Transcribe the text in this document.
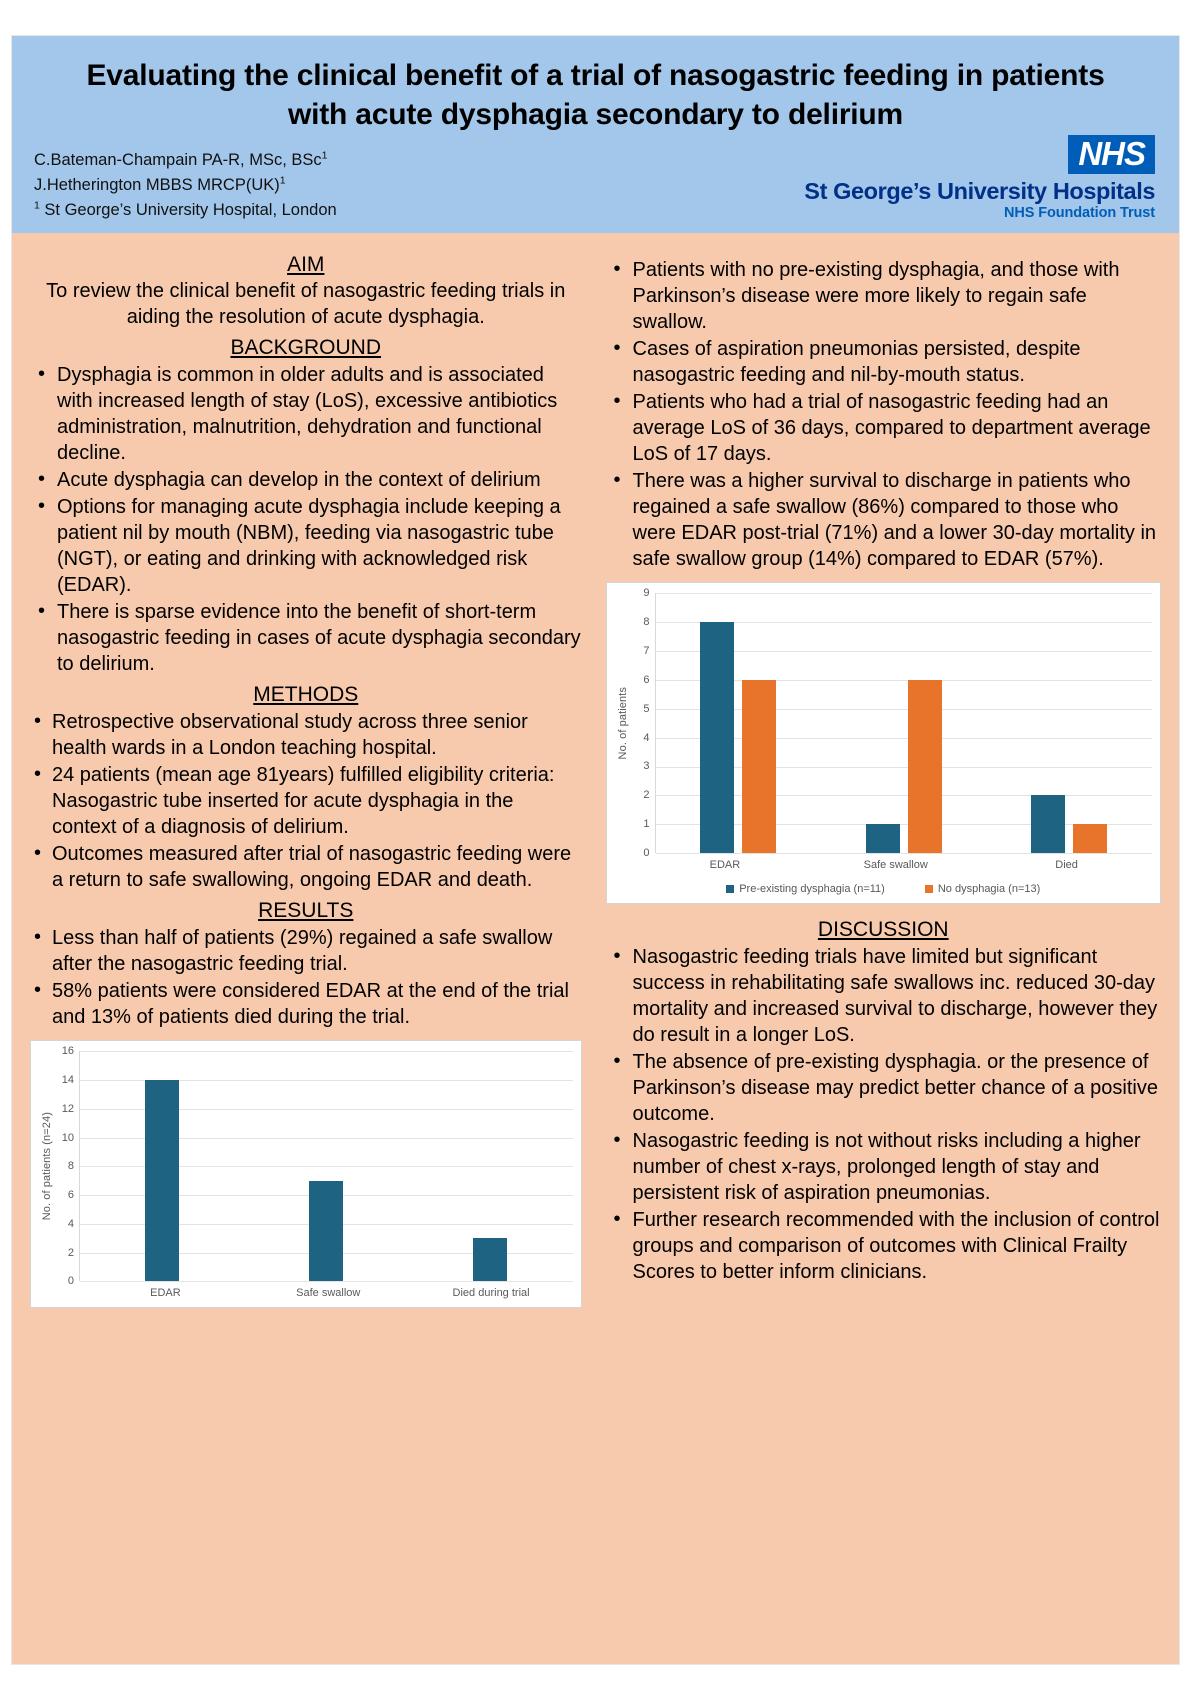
Evaluating the clinical benefit of a trial of nasogastric feeding in patients with acute dysphagia secondary to delirium
C.Bateman-Champain PA-R, MSc, BSc$^1$
J.Hetherington MBBS MRCP(UK)$^1$
$^1$ St George’s University Hospital, London
NHS
St George’s University Hospitals
NHS Foundation Trust
AIM
To review the clinical benefit of nasogastric feeding trials in aiding the resolution of acute dysphagia.
BACKGROUND
• Dysphagia is common in older adults and is associated with increased length of stay (LoS), excessive antibiotics administration, malnutrition, dehydration and functional decline.
• Acute dysphagia can develop in the context of delirium
• Options for managing acute dysphagia include keeping a patient nil by mouth (NBM), feeding via nasogastric tube (NGT), or eating and drinking with acknowledged risk (EDAR).
• There is sparse evidence into the benefit of short-term nasogastric feeding in cases of acute dysphagia secondary to delirium.
METHODS
• Retrospective observational study across three senior health wards in a London teaching hospital.
• 24 patients (mean age 81years) fulfilled eligibility criteria: Nasogastric tube inserted for acute dysphagia in the context of a diagnosis of delirium.
• Outcomes measured after trial of nasogastric feeding were a return to safe swallowing, ongoing EDAR and death.
RESULTS
• Less than half of patients (29%) regained a safe swallow after the nasogastric feeding trial.
• 58% patients were considered EDAR at the end of the trial and 13% of patients died during the trial.
No. of patients (n=24)
16
14
12
10
8
6
4
2
0
EDAR	Safe swallow	Died during trial
• Patients with no pre-existing dysphagia, and those with Parkinson’s disease were more likely to regain safe swallow.
• Cases of aspiration pneumonias persisted, despite nasogastric feeding and nil-by-mouth status.
• Patients who had a trial of nasogastric feeding had an average LoS of 36 days, compared to department average LoS of 17 days.
• There was a higher survival to discharge in patients who regained a safe swallow (86%) compared to those who were EDAR post-trial (71%) and a lower 30-day mortality in safe swallow group (14%) compared to EDAR (57%).
No. of patients
9
8
7
6
5
4
3
2
1
0
EDAR	Safe swallow	Died
Pre-existing dysphagia (n=11)	No dysphagia (n=13)
DISCUSSION
• Nasogastric feeding trials have limited but significant success in rehabilitating safe swallows inc. reduced 30-day mortality and increased survival to discharge, however they do result in a longer LoS.
• The absence of pre-existing dysphagia. or the presence of Parkinson’s disease may predict better chance of a positive outcome.
• Nasogastric feeding is not without risks including a higher number of chest x-rays, prolonged length of stay and persistent risk of aspiration pneumonias.
• Further research recommended with the inclusion of control groups and comparison of outcomes with Clinical Frailty Scores to better inform clinicians.
